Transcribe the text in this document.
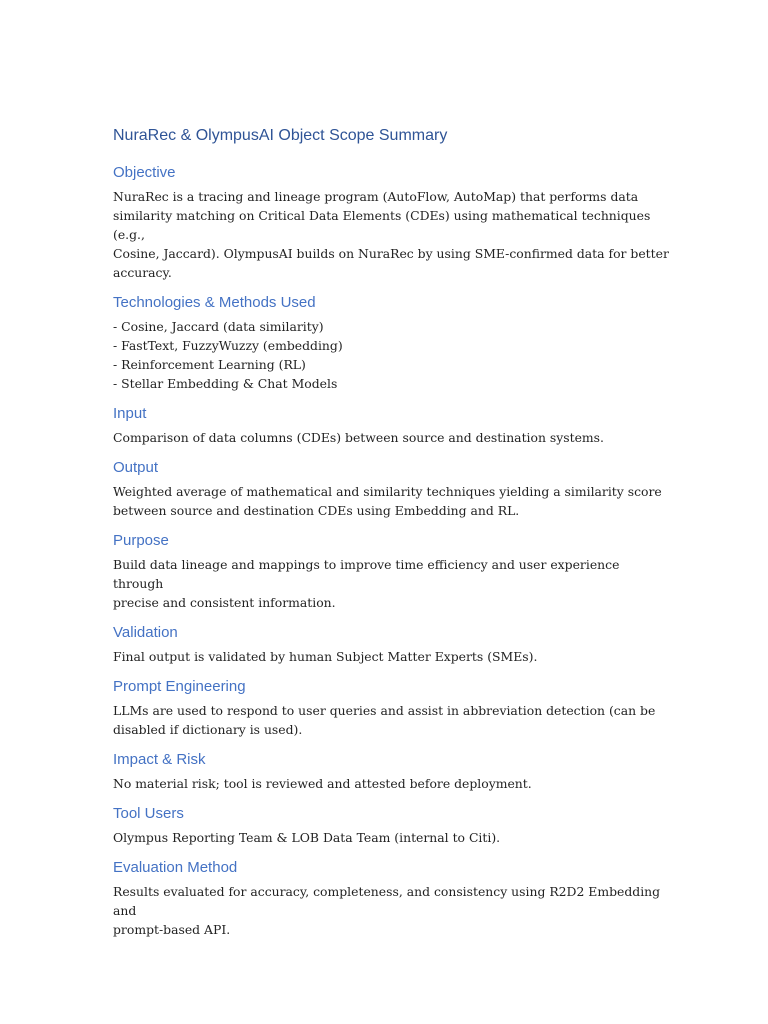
NuraRec & OlympusAI Object Scope Summary
Objective

NuraRec is a tracing and lineage program (AutoFlow, AutoMap) that performs data
similarity matching on Critical Data Elements (CDEs) using mathematical techniques (e.g.,
Cosine, Jaccard). OlympusAI builds on NuraRec by using SME-confirmed data for better
accuracy.

Technologies & Methods Used

- Cosine, Jaccard (data similarity)
- FastText, FuzzyWuzzy (embedding)
- Reinforcement Learning (RL)
- Stellar Embedding & Chat Models

Input

Comparison of data columns (CDEs) between source and destination systems.

Output

Weighted average of mathematical and similarity techniques yielding a similarity score
between source and destination CDEs using Embedding and RL.

Purpose

Build data lineage and mappings to improve time efficiency and user experience through
precise and consistent information.

Validation

Final output is validated by human Subject Matter Experts (SMEs).

Prompt Engineering

LLMs are used to respond to user queries and assist in abbreviation detection (can be
disabled if dictionary is used).

Impact & Risk

No material risk; tool is reviewed and attested before deployment.

Tool Users

Olympus Reporting Team & LOB Data Team (internal to Citi).

Evaluation Method

Results evaluated for accuracy, completeness, and consistency using R2D2 Embedding and
prompt-based API.
